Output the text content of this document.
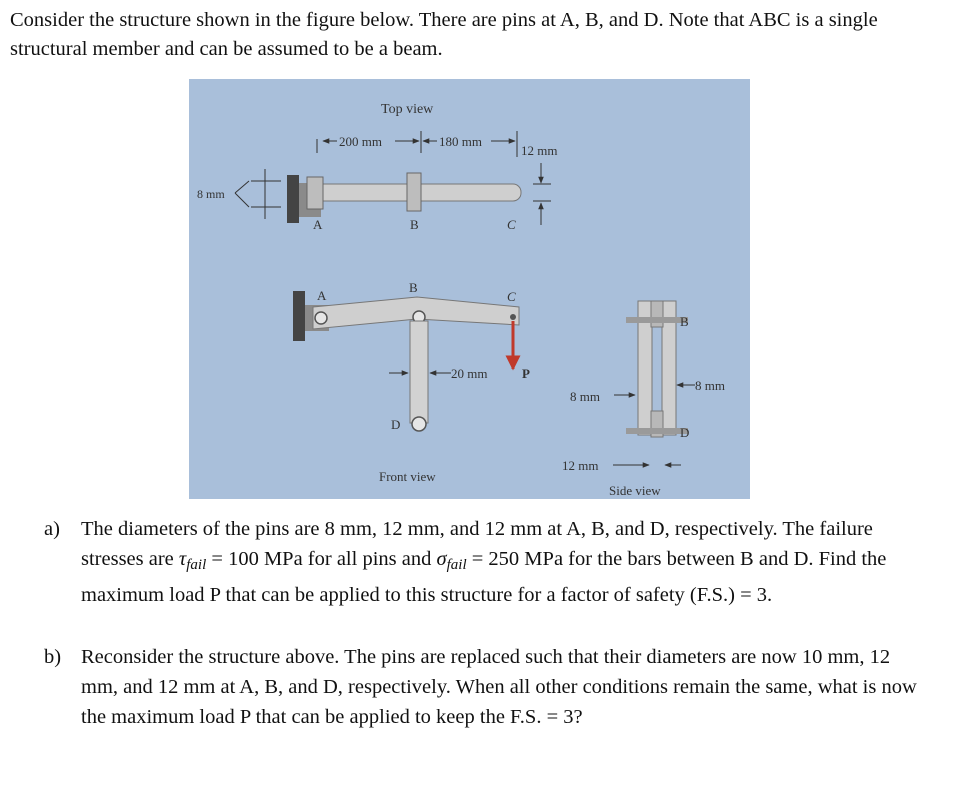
Consider the structure shown in the figure below. There are pins at A, B, and D. Note that ABC is a single structural member and can be assumed to be a beam.

Top view
200 mm	180 mm
12 mm
8 mm
A	B	C
20 mm	P
A
B
C
D
Front view
B
D
8 mm
8 mm
12 mm
Side view
a) The diameters of the pins are 8 mm, 12 mm, and 12 mm at A, B, and D, respectively. The failure stresses are $\tau_{fail} = 100$ MPa for all pins and $\sigma_{fail} = 250$ MPa for the bars between B and D. Find the maximum load P that can be applied to this structure for a factor of safety (F.S.) = 3.
b) Reconsider the structure above. The pins are replaced such that their diameters are now 10 mm, 12 mm, and 12 mm at A, B, and D, respectively. When all other conditions remain the same, what is now the maximum load P that can be applied to keep the F.S. = 3?
